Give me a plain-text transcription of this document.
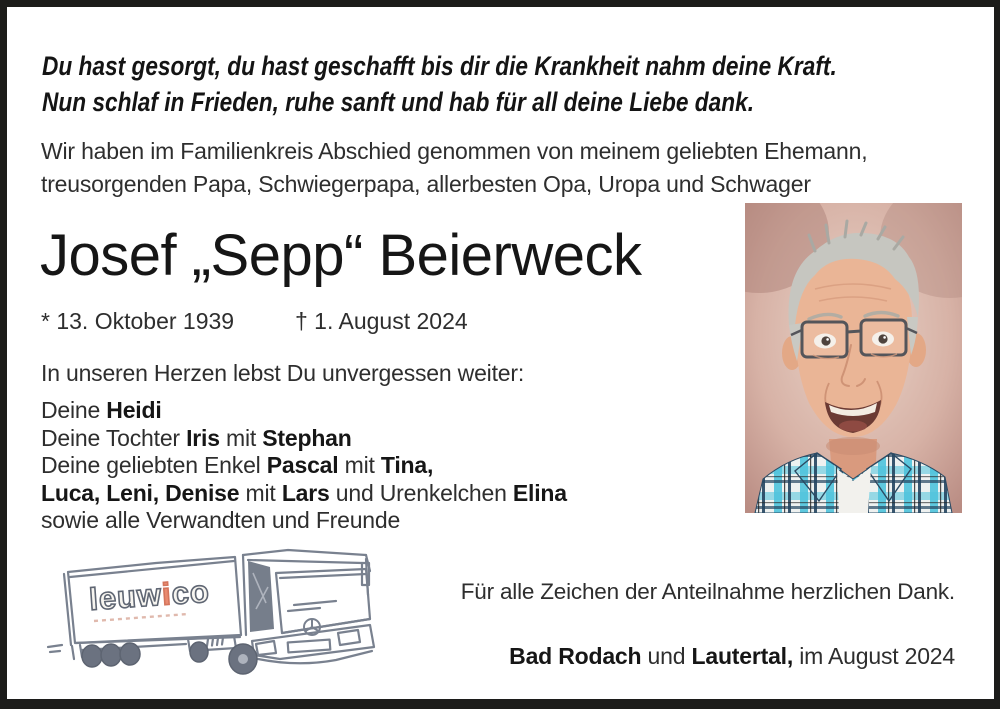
Du hast gesorgt, du hast geschafft bis dir die Krankheit nahm deine Kraft.
Nun schlaf in Frieden, ruhe sanft und hab für all deine Liebe dank.
Wir haben im Familienkreis Abschied genommen von meinem geliebten Ehemann,
treusorgenden Papa, Schwiegerpapa, allerbesten Opa, Uropa und Schwager
Josef „Sepp“ Beierweck
* 13. Oktober 1939	† 1. August 2024
In unseren Herzen lebst Du unvergessen weiter:
Deine Heidi
Deine Tochter Iris mit Stephan
Deine geliebten Enkel Pascal mit Tina,
Luca, Leni, Denise mit Lars und Urenkelchen Elina
sowie alle Verwandten und Freunde
leuwico	Für alle Zeichen der Anteilnahme herzlichen Dank.
Bad Rodach und Lautertal, im August 2024
